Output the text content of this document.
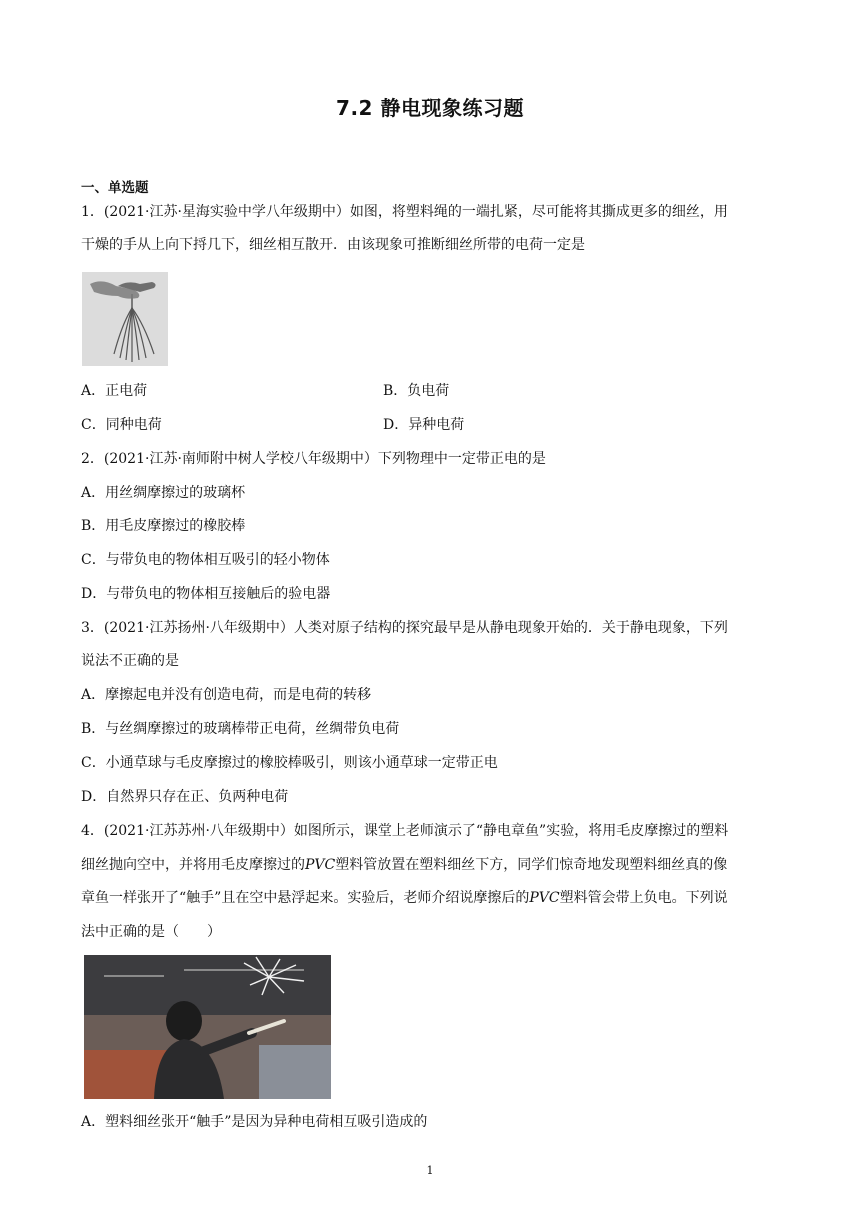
7.2 静电现象练习题
一、单选题
1．(2021·江苏·星海实验中学八年级期中）如图，将塑料绳的一端扎紧，尽可能将其撕成更多的细丝，用
干燥的手从上向下捋几下，细丝相互散开．由该现象可推断细丝所带的电荷一定是
A．正电荷	B．负电荷
C．同种电荷	D．异种电荷
2．(2021·江苏·南师附中树人学校八年级期中）下列物理中一定带正电的是
A．用丝绸摩擦过的玻璃杯
B．用毛皮摩擦过的橡胶棒
C．与带负电的物体相互吸引的轻小物体
D．与带负电的物体相互接触后的验电器
3．(2021·江苏扬州·八年级期中）人类对原子结构的探究最早是从静电现象开始的．关于静电现象，下列
说法不正确的是
A．摩擦起电并没有创造电荷，而是电荷的转移
B．与丝绸摩擦过的玻璃棒带正电荷，丝绸带负电荷
C．小通草球与毛皮摩擦过的橡胶棒吸引，则该小通草球一定带正电
D．自然界只存在正、负两种电荷
4．(2021·江苏苏州·八年级期中）如图所示，课堂上老师演示了“静电章鱼”实验，将用毛皮摩擦过的塑料
细丝抛向空中，并将用毛皮摩擦过的PVC塑料管放置在塑料细丝下方，同学们惊奇地发现塑料细丝真的像
章鱼一样张开了“触手”且在空中悬浮起来。实验后，老师介绍说摩擦后的PVC塑料管会带上负电。下列说
法中正确的是（　　）
A．塑料细丝张开“触手”是因为异种电荷相互吸引造成的
1
